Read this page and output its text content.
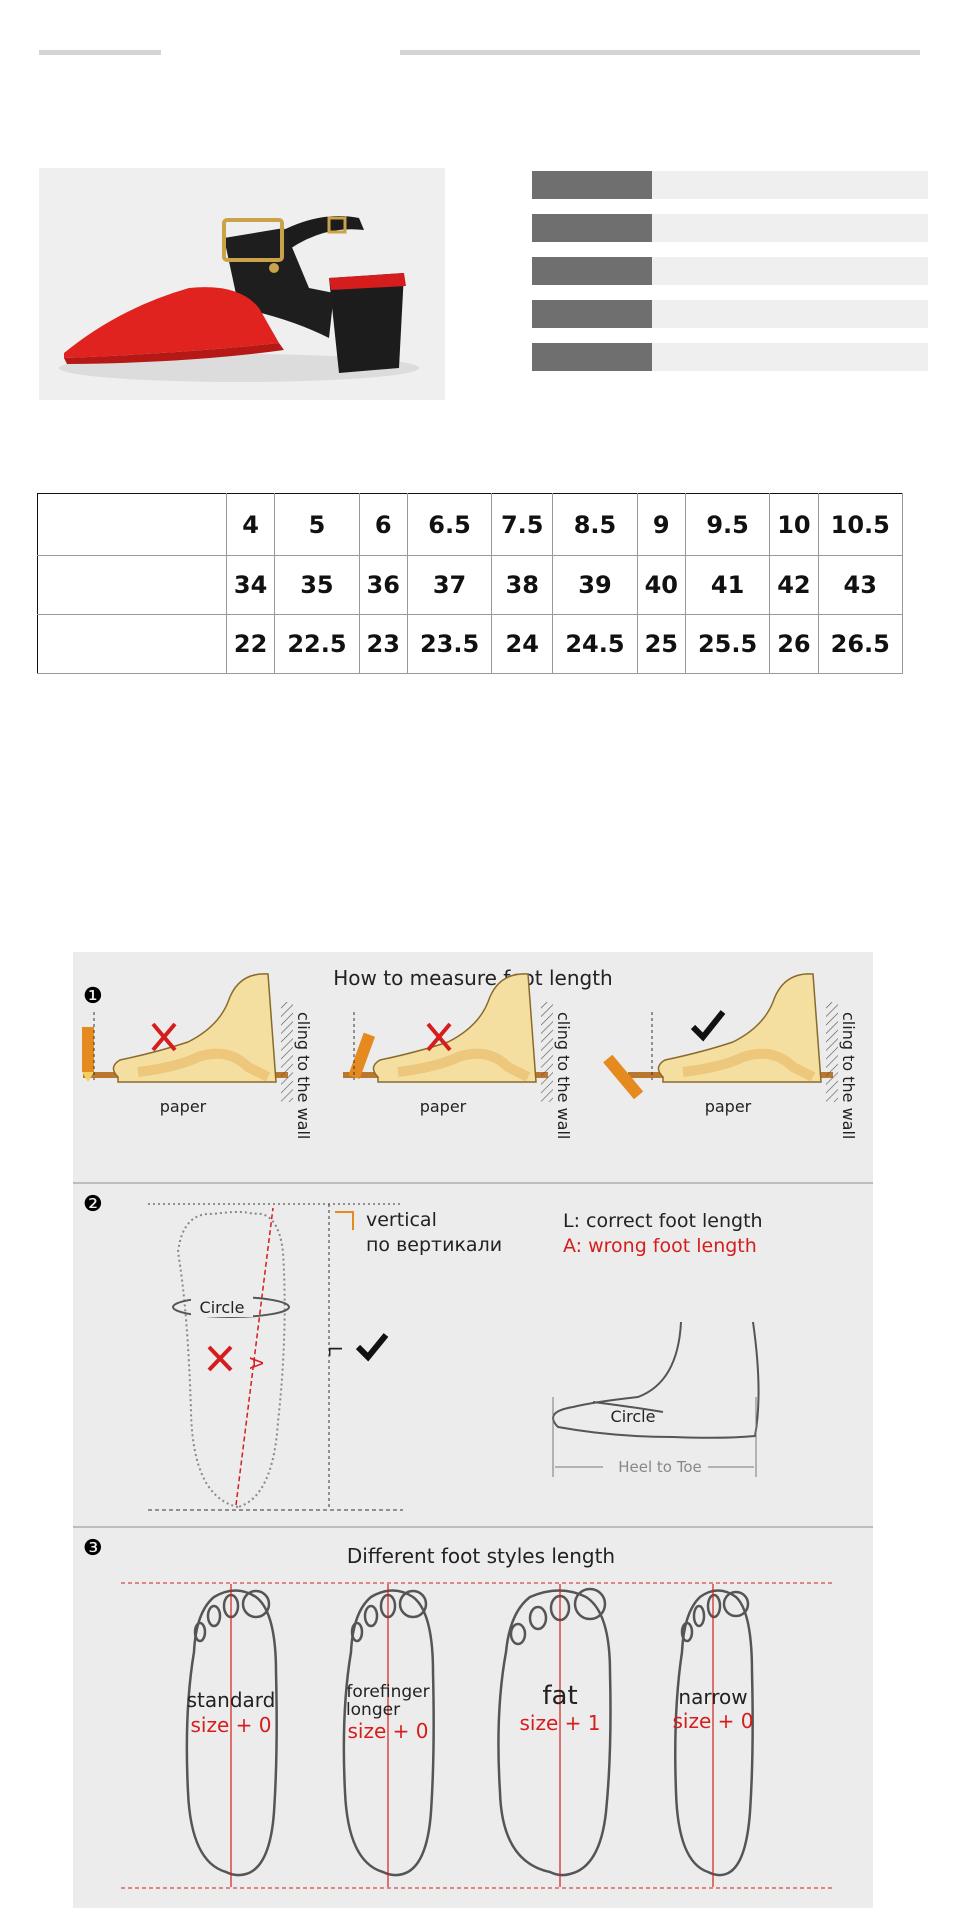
	4	5	6	6.5	7.5	8.5	9	9.5	10	10.5
	34	35	36	37	38	39	40	41	42	43
	22	22.5	23	23.5	24	24.5	25	25.5	26	26.5
❶
How to measure foot length
paper	cling to the wall	paper	cling to the wall	paper	cling to the wall
❷
Circle
A
L
vertical
по вертикали
L: correct foot length
A: wrong foot length
Circle
Heel to Toe
❸	Different foot styles length
standard
size + 0
forefinger
longer
size + 0
fat
size + 1
narrow
size + 0
